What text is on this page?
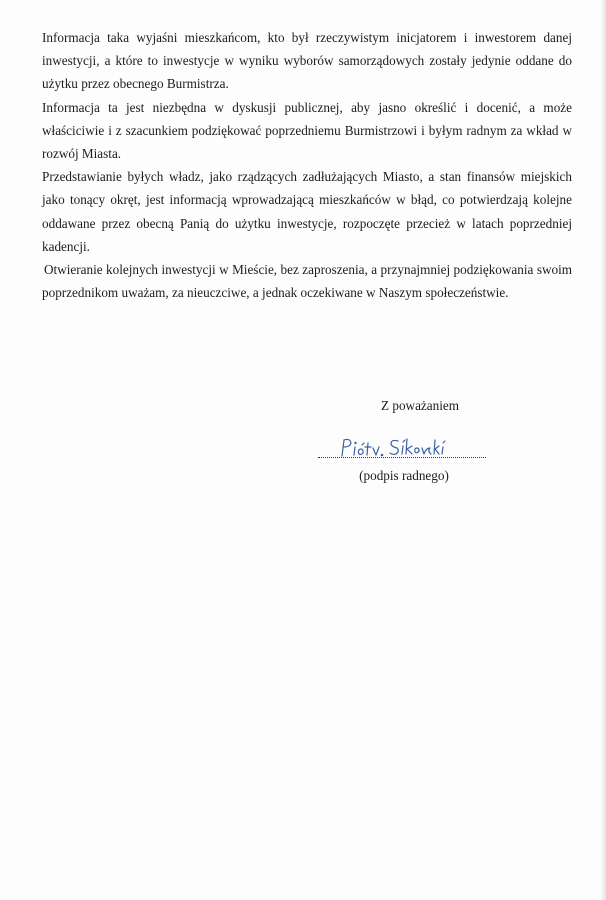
Informacja taka wyjaśni mieszkańcom, kto był rzeczywistym inicjatorem i inwestorem danej inwestycji, a które to inwestycje w wyniku wyborów samorządowych zostały jedynie oddane do użytku przez obecnego Burmistrza.

Informacja ta jest niezbędna w dyskusji publicznej, aby jasno określić i docenić, a może właściciwie i z szacunkiem podziękować poprzedniemu Burmistrzowi i byłym radnym za wkład w rozwój Miasta.

Przedstawianie byłych władz, jako rządzących zadłużających Miasto, a stan finansów miejskich jako tonący okręt, jest informacją wprowadzającą mieszkańców w błąd, co potwierdzają kolejne oddawane przez obecną Panią do użytku inwestycje, rozpoczęte przecież w latach poprzedniej kadencji.

Otwieranie kolejnych inwestycji w Mieście, bez zaproszenia, a przynajmniej podziękowania swoim poprzednikom uważam, za nieuczciwe, a jednak oczekiwane w Naszym społeczeństwie.

Z poważaniem
(podpis radnego)
